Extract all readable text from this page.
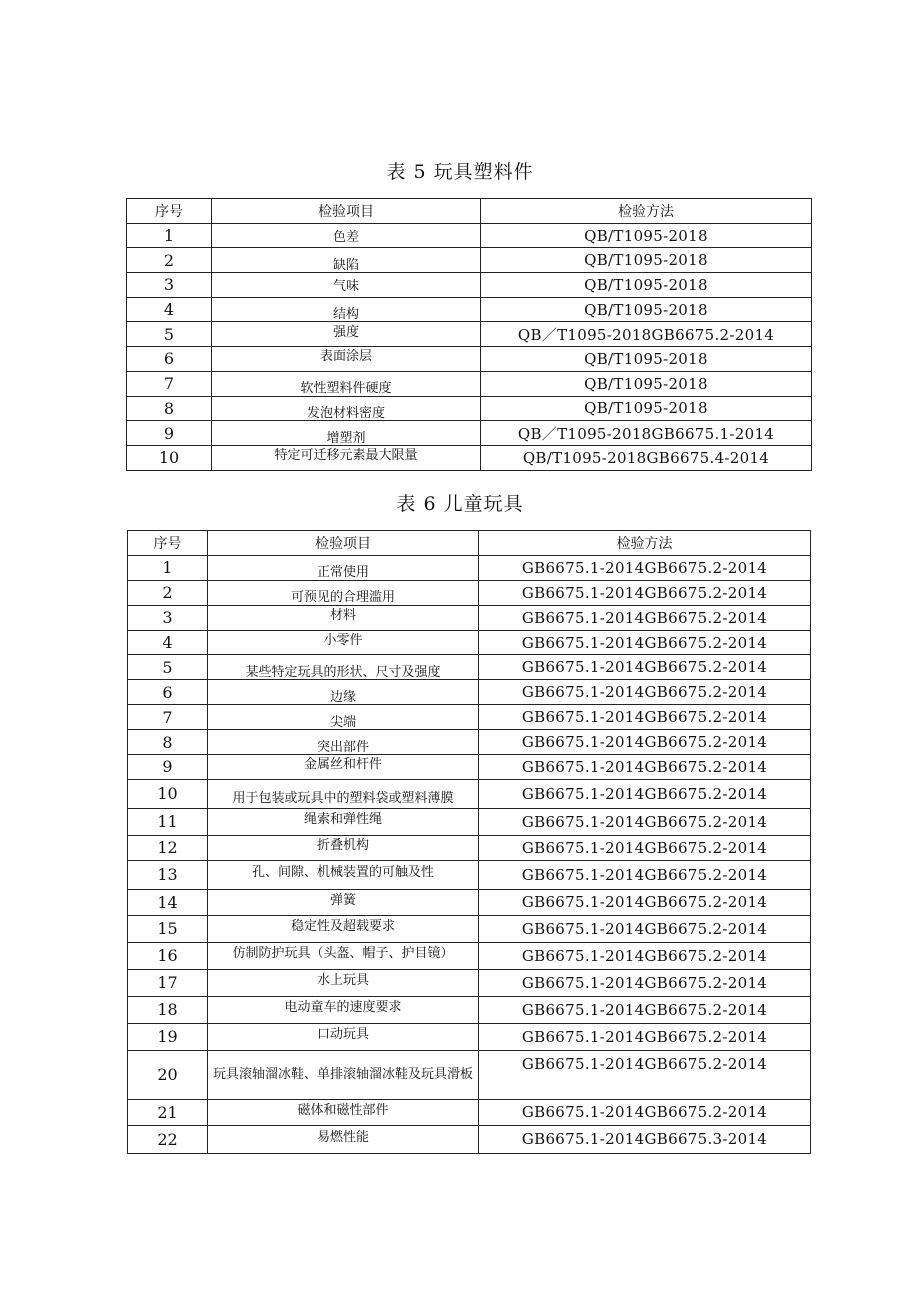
表 5 玩具塑料件
序号	检验项目	检验方法
1	色差	QB/T1095-2018
2	缺陷	QB/T1095-2018
3	气味	QB/T1095-2018
4	结构	QB/T1095-2018
5	强度	QB／T1095-2018GB6675.2-2014
6	表面涂层	QB/T1095-2018
7	软性塑料件硬度	QB/T1095-2018
8	发泡材料密度	QB/T1095-2018
9	增塑剂	QB／T1095-2018GB6675.1-2014
10	特定可迁移元素最大限量	QB/T1095-2018GB6675.4-2014
表 6 儿童玩具
序号	检验项目	检验方法
1	正常使用	GB6675.1-2014GB6675.2-2014
2	可预见的合理滥用	GB6675.1-2014GB6675.2-2014
3	材料	GB6675.1-2014GB6675.2-2014
4	小零件	GB6675.1-2014GB6675.2-2014
5	某些特定玩具的形状、尺寸及强度	GB6675.1-2014GB6675.2-2014
6	边缘	GB6675.1-2014GB6675.2-2014
7	尖端	GB6675.1-2014GB6675.2-2014
8	突出部件	GB6675.1-2014GB6675.2-2014
9	金属丝和杆件	GB6675.1-2014GB6675.2-2014
10	用于包装或玩具中的塑料袋或塑料薄膜	GB6675.1-2014GB6675.2-2014
11	绳索和弹性绳	GB6675.1-2014GB6675.2-2014
12	折叠机构	GB6675.1-2014GB6675.2-2014
13	孔、间隙、机械装置的可触及性	GB6675.1-2014GB6675.2-2014
14	弹簧	GB6675.1-2014GB6675.2-2014
15	稳定性及超载要求	GB6675.1-2014GB6675.2-2014
16	仿制防护玩具（头盔、帽子、护目镜）	GB6675.1-2014GB6675.2-2014
17	水上玩具	GB6675.1-2014GB6675.2-2014
18	电动童车的速度要求	GB6675.1-2014GB6675.2-2014
19	口动玩具	GB6675.1-2014GB6675.2-2014
20	玩具滚轴溜冰鞋、单排滚轴溜冰鞋及玩具滑板	GB6675.1-2014GB6675.2-2014
21	磁体和磁性部件	GB6675.1-2014GB6675.2-2014
22	易燃性能	GB6675.1-2014GB6675.3-2014
